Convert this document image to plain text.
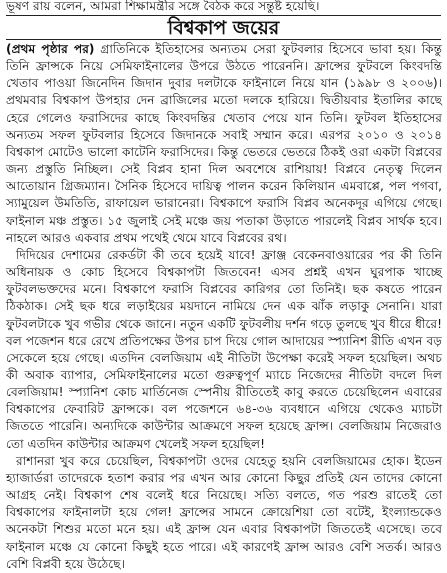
ভূষণ রায় বলেন, আমরা শিক্ষামন্ত্রীর সঙ্গে বৈঠক করে সন্তুষ্ট হয়েছি।
বিশ্বকাপ জয়ের

(প্রথম পৃষ্ঠার পর) গ্রাতিনিকে ইতিহাসের অন্যতম সেরা ফুটবলার হিসেবে ভাবা হয়। কিন্তু তিনি ফ্রান্সকে নিয়ে সেমিফাইনালের উপরে উঠতে পারেননি। ফ্রান্সের ফুটবলে কিংবদন্তি খেতাব পাওয়া জিনেদিন জিদান দুবার দলটাকে ফাইনালে নিয়ে যান (১৯৯৮ ও ২০০৬)। প্রথমবার বিশ্বকাপ উপহার দেন ব্রাজিলের মতো দলকে হারিয়ে। দ্বিতীয়বার ইতালির কাছে হেরে গেলেও ফরাসিদের কাছে কিংবদন্তির খেতাব পেয়ে যান তিনি। ফুটবল ইতিহাসের অন্যতম সফল ফুটবলার হিসেবে জিদানকে সবাই সম্মান করে। এরপর ২০১০ ও ২০১৪ বিশ্বকাপ মোটেও ভালো কাটেনি ফরাসিদের। কিন্তু ভেতরে ভেতরে ঠিকই ওরা একটা বিপ্লবের জন্য প্রস্তুতি নিচ্ছিল। সেই বিপ্লব হানা দিল অবশেষে রাশিয়ায়! বিপ্লবে নেতৃত্ব দিলেন আতোয়ান গ্রিজম্যান। সৈনিক হিসেবে দায়িত্ব পালন করেন কিলিয়ান এমবাপ্পে, পল পগবা, স্যামুয়েল উমতিতি, রাফায়েল ভারানেরা। বিশ্বকাপে ফরাসি বিপ্লব অনেকদূর এগিয়ে গেছে। ফাইনাল মঞ্চ প্রস্তুত। ১৫ জুলাই সেই মঞ্চে জয় পতাকা উড়াতে পারলেই বিপ্লব সার্থক হবে। নাহলে আরও একবার প্রথম পথেই থেমে যাবে বিপ্লবের রথ।

দিদিয়ের দেশামের রেকর্ডটা কী তবে হয়েই যাবে! ফ্রাঞ্জ বেকেনবাওয়ারের পর কী তিনি অধিনায়ক ও কোচ হিসেবে বিশ্বকাপটা জিতবেন! এসব প্রশ্নই এখন ঘুরপাক খাচ্ছে ফুটবলভক্তদের মনে। বিশ্বকাপে ফরাসি বিপ্লবের কারিগর তো তিনিই। ছক কষতে পারেন ঠিকঠাক। সেই ছক ধরে লড়াইয়ের ময়দানে নামিয়ে দেন এক ঝাঁক লড়াকু সেনানি। যারা ফুটবলটাকে খুব গভীর থেকে জানে। নতুন একটি ফুটবলীয় দর্শন গড়ে তুলছে খুব ধীরে ধীরে! বল পজেশন ধরে রেখে প্রতিপক্ষের উপর চাপ দিয়ে গোল আদায়ের স্প্যানিশ রীতি এখন বড় সেকেলে হয়ে গেছে। এতদিন বেলজিয়াম এই নীতিটা উপেক্ষা করেই সফল হয়েছিল। অথচ কী অবাক ব্যাপার, সেমিফাইনালের মতো গুরুত্বপূর্ণ ম্যাচে নিজেদের নীতিটা বদলে দিল বেলজিয়াম! স্প্যানিশ কোচ মার্তিনেজ স্পেনীয় রীতিতেই কাবু করতে চেয়েছিলেন এবারের বিশ্বকাপের ফেবারিট ফ্রান্সকে। বল পজেশনে ৬৪-৩৬ ব্যবধানে এগিয়ে থেকেও ম্যাচটা জিততে পারেনি। অন্যদিকে কাউন্টার আক্রমণে সফল হয়েছে ফ্রান্স। বেলজিয়াম নিজেরাও তো এতদিন কাউন্টার আক্রমণ খেলেই সফল হয়েছিল!

রাশানরা খুব করে চেয়েছিল, বিশ্বকাপটা ওদের যেহেতু হয়নি বেলজিয়ামের হোক। ইডেন হ্যাজার্ডরা তাদেরকে হতাশ করার পর এখন আর কোনো কিছুর প্রতিই যেন তাদের কোনো আগ্রহ নেই। বিশ্বকাপ শেষ বলেই ধরে নিয়েছে। সত্যি বলতে, গত পরশু রাতেই তো বিশ্বকাপের ফাইনালটা হয়ে গেল! ফ্রান্সের সামনে ক্রোয়েশিয়া তো বটেই, ইংল্যান্ডকেও অনেকটা শিশুর মতো মনে হয়। এই ফ্রান্স যেন এবার বিশ্বকাপটা জিততেই এসেছে। তবে ফাইনাল মঞ্চে যে কোনো কিছুই হতে পারে। এই কারণেই ফ্রান্স আরও বেশি সতর্ক। আরও বেশি বিপ্লবী হয়ে উঠেছে।
